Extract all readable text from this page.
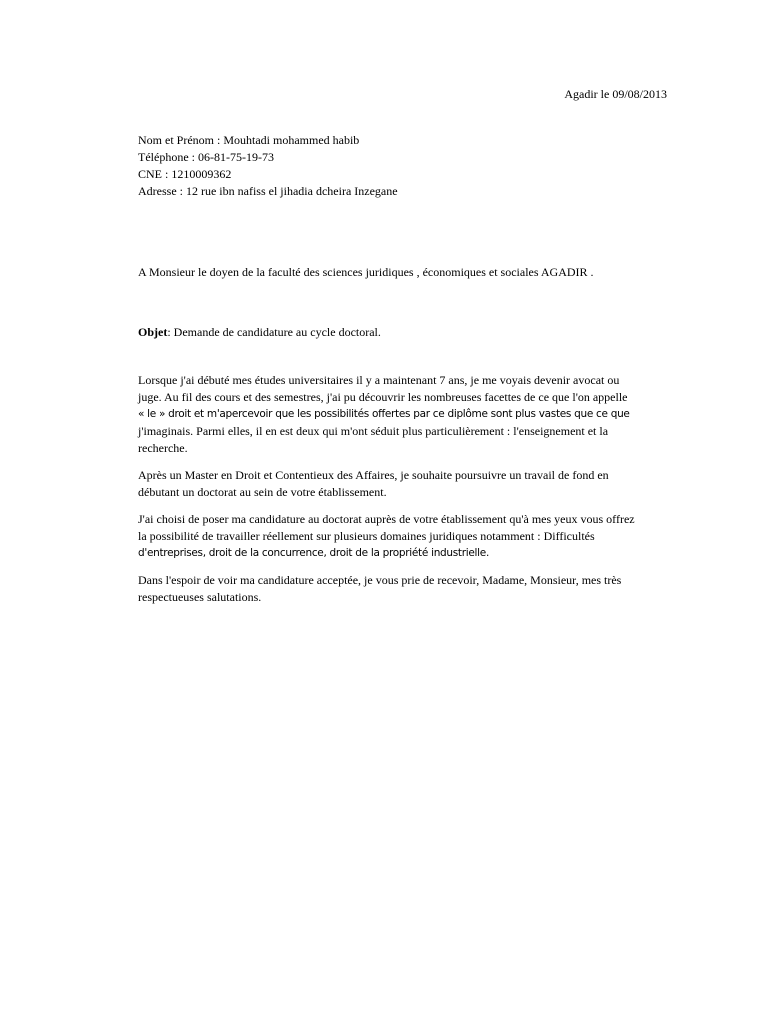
Agadir le 09/08/2013
Nom et Prénom : Mouhtadi mohammed habib
Téléphone : 06-81-75-19-73
CNE : 1210009362
Adresse : 12 rue ibn nafiss el jihadia dcheira Inzegane
A Monsieur le doyen de la faculté des sciences juridiques , économiques et sociales AGADIR .
Objet: Demande de candidature au cycle doctoral.

Lorsque j'ai débuté mes études universitaires il y a maintenant 7 ans, je me voyais devenir avocat ou
juge. Au fil des cours et des semestres, j'ai pu découvrir les nombreuses facettes de ce que l'on appelle
« le » droit et m'apercevoir que les possibilités offertes par ce diplôme sont plus vastes que ce que
j'imaginais. Parmi elles, il en est deux qui m'ont séduit plus particulièrement : l'enseignement et la
recherche.

Après un Master en Droit et Contentieux des Affaires, je souhaite poursuivre un travail de fond en
débutant un doctorat au sein de votre établissement.

J'ai choisi de poser ma candidature au doctorat auprès de votre établissement qu'à mes yeux vous offrez
la possibilité de travailler réellement sur plusieurs domaines juridiques notamment : Difficultés
d'entreprises, droit de la concurrence, droit de la propriété industrielle.

Dans l'espoir de voir ma candidature acceptée, je vous prie de recevoir, Madame, Monsieur, mes très
respectueuses salutations.
